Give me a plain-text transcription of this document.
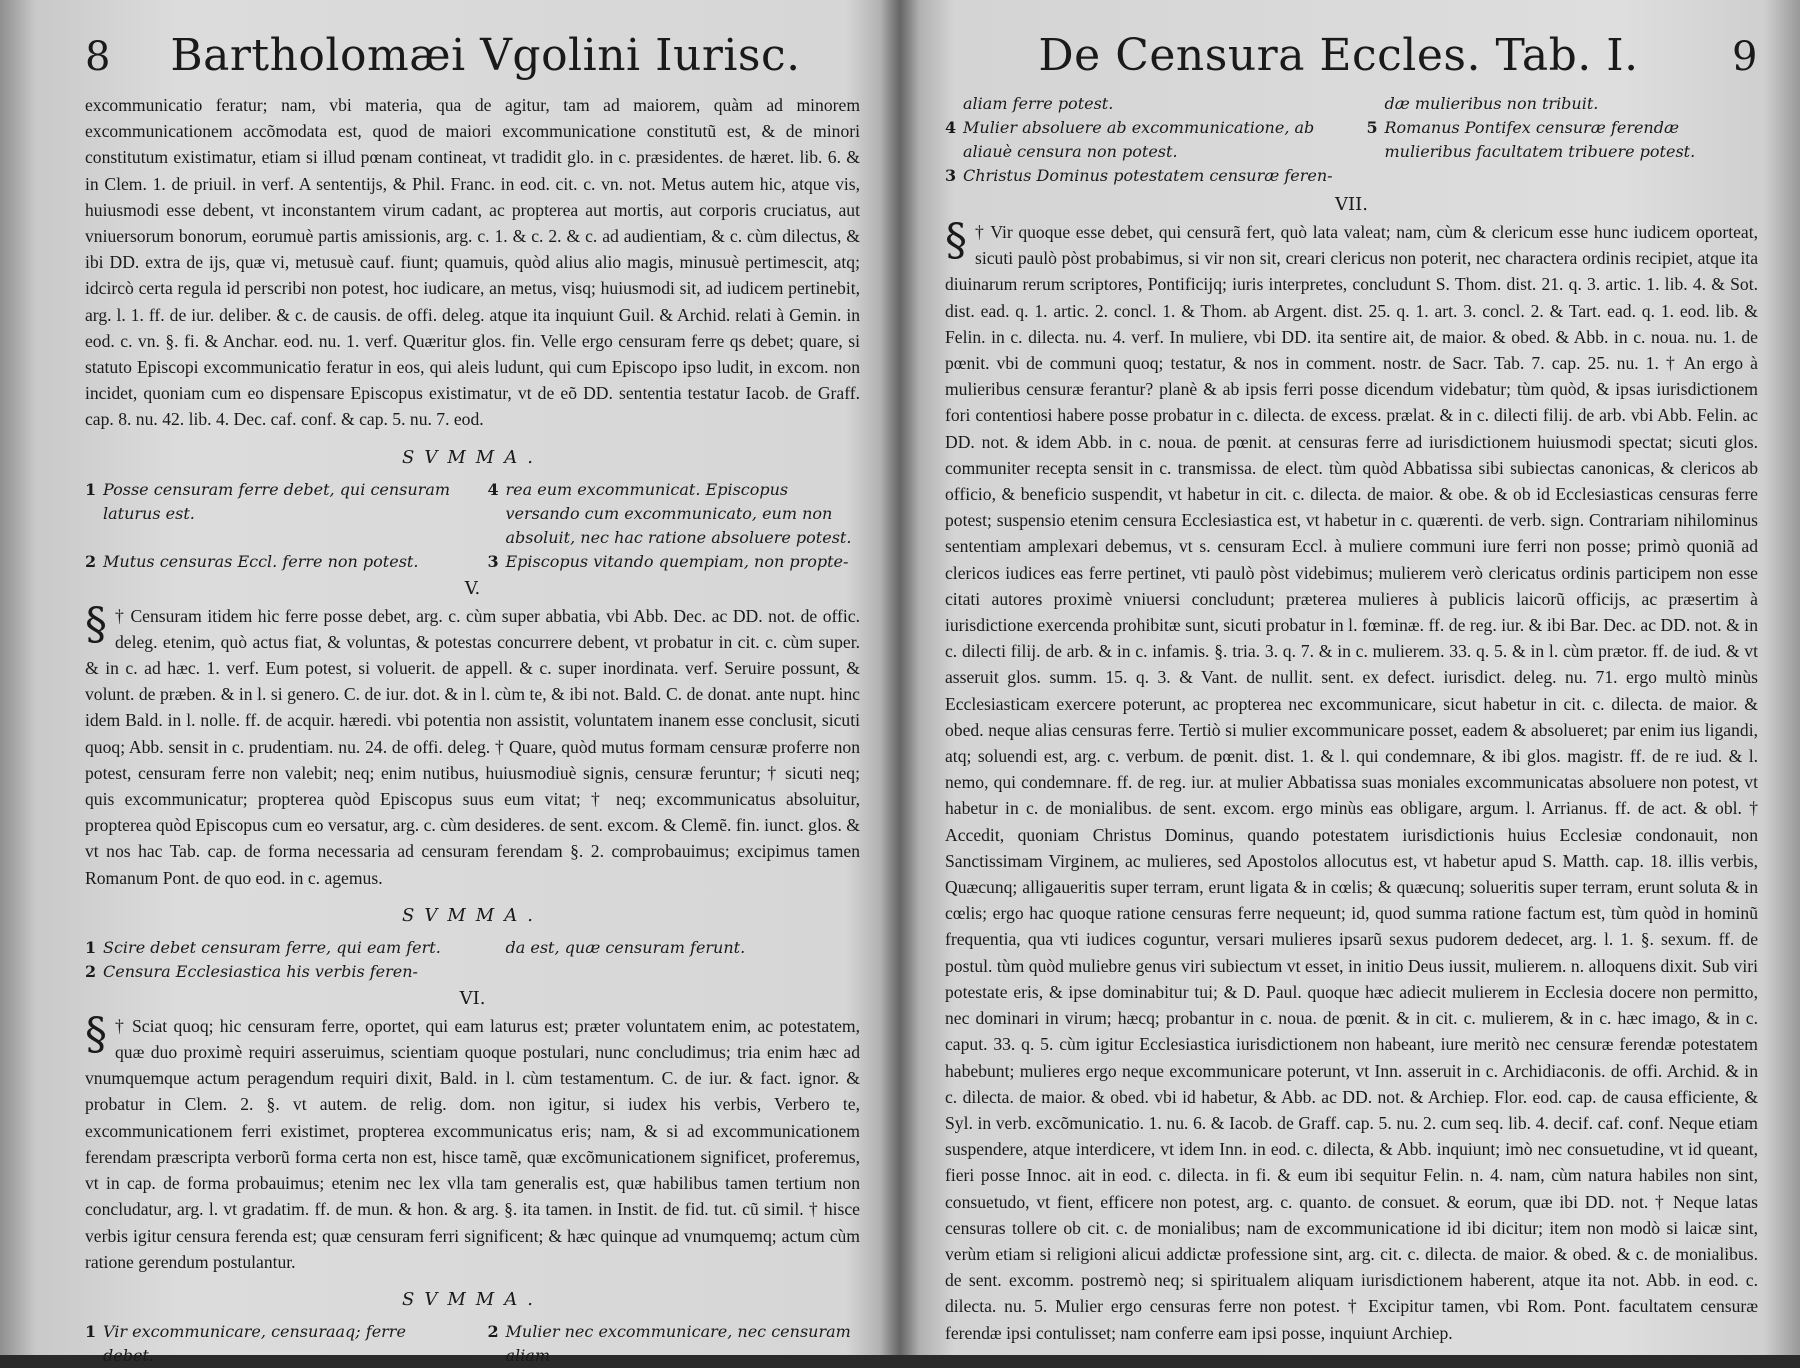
8 Bartholomæi Vgolini Iurisc.

excommunicatio feratur; nam, vbi materia, qua de agitur, tam ad maiorem, quàm ad minorem excommunicationem accõmodata est, quod de maiori excommunicatione constitutũ est, & de minori constitutum existimatur, etiam si illud pœnam contineat, vt tradidit glo. in c. præsidentes. de hæret. lib. 6. & in Clem. 1. de priuil. in verf. A sententijs, & Phil. Franc. in eod. cit. c. vn. not. Metus autem hic, atque vis, huiusmodi esse debent, vt inconstantem virum cadant, ac propterea aut mortis, aut corporis cruciatus, aut vniuersorum bonorum, eorumuè partis amissionis, arg. c. 1. & c. 2. & c. ad audientiam, & c. cùm dilectus, & ibi DD. extra de ijs, quæ vi, metusuè cauf. fiunt; quamuis, quòd alius alio magis, minusuè pertimescit, atq; idcircò certa regula id perscribi non potest, hoc iudicare, an metus, visq; huiusmodi sit, ad iudicem pertinebit, arg. l. 1. ff. de iur. deliber. & c. de causis. de offi. deleg. atque ita inquiunt Guil. & Archid. relati à Gemin. in eod. c. vn. §. fi. & Anchar. eod. nu. 1. verf. Quæritur glos. fin. Velle ergo censuram ferre qs debet; quare, si statuto Episcopi excommunicatio feratur in eos, qui aleis ludunt, qui cum Episcopo ipso ludit, in excom. non incidet, quoniam cum eo dispensare Episcopus existimatur, vt de eõ DD. sententia testatur Iacob. de Graff. cap. 8. nu. 42. lib. 4. Dec. caf. conf. & cap. 5. nu. 7. eod.

SVMMA.
1 Posse censuram ferre debet, qui censuram laturus est.
4 rea eum excommunicat. Episcopus versando cum excommunicato, eum non absoluit, nec hac ratione absoluere potest.
2 Mutus censuras Eccl. ferre non potest.	3 Episcopus vitando quempiam, non propte-
V.
§ † Censuram itidem hic ferre posse debet, arg. c. cùm super abbatia, vbi Abb. Dec. ac DD. not. de offic. deleg. etenim, quò actus fiat, & voluntas, & potestas concurrere debent, vt probatur in cit. c. cùm super. & in c. ad hæc. 1. verf. Eum potest, si voluerit. de appell. & c. super inordinata. verf. Seruire possunt, & volunt. de præben. & in l. si genero. C. de iur. dot. & in l. cùm te, & ibi not. Bald. C. de donat. ante nupt. hinc idem Bald. in l. nolle. ff. de acquir. hæredi. vbi potentia non assistit, voluntatem inanem esse conclusit, sicuti quoq; Abb. sensit in c. prudentiam. nu. 24. de offi. deleg. † Quare, quòd mutus formam censuræ proferre non potest, censuram ferre non valebit; neq; enim nutibus, huiusmodiuè signis, censuræ feruntur; † sicuti neq; quis excommunicatur; propterea quòd Episcopus suus eum vitat; † neq; excommunicatus absoluitur, propterea quòd Episcopus cum eo versatur, arg. c. cùm desideres. de sent. excom. & Clemẽ. fin. iunct. glos. & vt nos hac Tab. cap. de forma necessaria ad censuram ferendam §. 2. comprobauimus; excipimus tamen Romanum Pont. de quo eod. in c. agemus.

SVMMA.
1 Scire debet censuram ferre, qui eam fert.	da est, quæ censuram ferunt.
2 Censura Ecclesiastica his verbis feren-
VI.
§ † Sciat quoq; hic censuram ferre, oportet, qui eam laturus est; præter voluntatem enim, ac potestatem, quæ duo proximè requiri asseruimus, scientiam quoque postulari, nunc concludimus; tria enim hæc ad vnumquemque actum peragendum requiri dixit, Bald. in l. cùm testamentum. C. de iur. & fact. ignor. & probatur in Clem. 2. §. vt autem. de relig. dom. non igitur, si iudex his verbis, Verbero te, excommunicationem ferri existimet, propterea excommunicatus eris; nam, & si ad excommunicationem ferendam præscripta verborũ forma certa non est, hisce tamẽ, quæ excõmunicationem significet, proferemus, vt in cap. de forma probauimus; etenim nec lex vlla tam generalis est, quæ habilibus tamen tertium non concludatur, arg. l. vt gradatim. ff. de mun. & hon. & arg. §. ita tamen. in Instit. de fid. tut. cũ simil. † hisce verbis igitur censura ferenda est; quæ censuram ferri significent; & hæc quinque ad vnumquemq; actum cùm ratione gerendum postulantur.

SVMMA.
1 Vir excommunicare, censuraaq; ferre debet.
2 Mulier nec excommunicare, nec censuram aliam
De Censura Eccles. Tab. I. 9
aliam ferre potest.	dæ mulieribus non tribuit.
4 Mulier absoluere ab excommunicatione, ab aliauè censura non potest.
5 Romanus Pontifex censuræ ferendæ mulieribus facultatem tribuere potest.
3 Christus Dominus potestatem censuræ feren-
VII.
§ † Vir quoque esse debet, qui censurã fert, quò lata valeat; nam, cùm & clericum esse hunc iudicem oporteat, sicuti paulò pòst probabimus, si vir non sit, creari clericus non poterit, nec charactera ordinis recipiet, atque ita diuinarum rerum scriptores, Pontificijq; iuris interpretes, concludunt S. Thom. dist. 21. q. 3. artic. 1. lib. 4. & Sot. dist. ead. q. 1. artic. 2. concl. 1. & Thom. ab Argent. dist. 25. q. 1. art. 3. concl. 2. & Tart. ead. q. 1. eod. lib. & Felin. in c. dilecta. nu. 4. verf. In muliere, vbi DD. ita sentire ait, de maior. & obed. & Abb. in c. noua. nu. 1. de pœnit. vbi de communi quoq; testatur, & nos in comment. nostr. de Sacr. Tab. 7. cap. 25. nu. 1. † An ergo à mulieribus censuræ ferantur? planè & ab ipsis ferri posse dicendum videbatur; tùm quòd, & ipsas iurisdictionem fori contentiosi habere posse probatur in c. dilecta. de excess. prælat. & in c. dilecti filij. de arb. vbi Abb. Felin. ac DD. not. & idem Abb. in c. noua. de pœnit. at censuras ferre ad iurisdictionem huiusmodi spectat; sicuti glos. communiter recepta sensit in c. transmissa. de elect. tùm quòd Abbatissa sibi subiectas canonicas, & clericos ab officio, & beneficio suspendit, vt habetur in cit. c. dilecta. de maior. & obe. & ob id Ecclesiasticas censuras ferre potest; suspensio etenim censura Ecclesiastica est, vt habetur in c. quærenti. de verb. sign. Contrariam nihilominus sententiam amplexari debemus, vt s. censuram Eccl. à muliere communi iure ferri non posse; primò quoniã ad clericos iudices eas ferre pertinet, vti paulò pòst videbimus; mulierem verò clericatus ordinis participem non esse citati autores proximè vniuersi concludunt; præterea mulieres à publicis laicorũ officijs, ac præsertim à iurisdictione exercenda prohibitæ sunt, sicuti probatur in l. fœminæ. ff. de reg. iur. & ibi Bar. Dec. ac DD. not. & in c. dilecti filij. de arb. & in c. infamis. §. tria. 3. q. 7. & in c. mulierem. 33. q. 5. & in l. cùm prætor. ff. de iud. & vt asseruit glos. summ. 15. q. 3. & Vant. de nullit. sent. ex defect. iurisdict. deleg. nu. 71. ergo multò minùs Ecclesiasticam exercere poterunt, ac propterea nec excommunicare, sicut habetur in cit. c. dilecta. de maior. & obed. neque alias censuras ferre. Tertiò si mulier excommunicare posset, eadem & absolueret; par enim ius ligandi, atq; soluendi est, arg. c. verbum. de pœnit. dist. 1. & l. qui condemnare, & ibi glos. magistr. ff. de re iud. & l. nemo, qui condemnare. ff. de reg. iur. at mulier Abbatissa suas moniales excommunicatas absoluere non potest, vt habetur in c. de monialibus. de sent. excom. ergo minùs eas obligare, argum. l. Arrianus. ff. de act. & obl. † Accedit, quoniam Christus Dominus, quando potestatem iurisdictionis huius Ecclesiæ condonauit, non Sanctissimam Virginem, ac mulieres, sed Apostolos allocutus est, vt habetur apud S. Matth. cap. 18. illis verbis, Quæcunq; alligaueritis super terram, erunt ligata & in cœlis; & quæcunq; solueritis super terram, erunt soluta & in cœlis; ergo hac quoque ratione censuras ferre nequeunt; id, quod summa ratione factum est, tùm quòd in hominũ frequentia, qua vti iudices coguntur, versari mulieres ipsarũ sexus pudorem dedecet, arg. l. 1. §. sexum. ff. de postul. tùm quòd muliebre genus viri subiectum vt esset, in initio Deus iussit, mulierem. n. alloquens dixit. Sub viri potestate eris, & ipse dominabitur tui; & D. Paul. quoque hæc adiecit mulierem in Ecclesia docere non permitto, nec dominari in virum; hæcq; probantur in c. noua. de pœnit. & in cit. c. mulierem, & in c. hæc imago, & in c. caput. 33. q. 5. cùm igitur Ecclesiastica iurisdictionem non habeant, iure meritò nec censuræ ferendæ potestatem habebunt; mulieres ergo neque excommunicare poterunt, vt Inn. asseruit in c. Archidiaconis. de offi. Archid. & in c. dilecta. de maior. & obed. vbi id habetur, & Abb. ac DD. not. & Archiep. Flor. eod. cap. de causa efficiente, & Syl. in verb. excõmunicatio. 1. nu. 6. & Iacob. de Graff. cap. 5. nu. 2. cum seq. lib. 4. decif. caf. conf. Neque etiam suspendere, atque interdicere, vt idem Inn. in eod. c. dilecta, & Abb. inquiunt; imò nec consuetudine, vt id queant, fieri posse Innoc. ait in eod. c. dilecta. in fi. & eum ibi sequitur Felin. n. 4. nam, cùm natura habiles non sint, consuetudo, vt fient, efficere non potest, arg. c. quanto. de consuet. & eorum, quæ ibi DD. not. † Neque latas censuras tollere ob cit. c. de monialibus; nam de excommunicatione id ibi dicitur; item non modò si laicæ sint, verùm etiam si religioni alicui addictæ professione sint, arg. cit. c. dilecta. de maior. & obed. & c. de monialibus. de sent. excomm. postremò neq; si spiritualem aliquam iurisdictionem haberent, atque ita not. Abb. in eod. c. dilecta. nu. 5. Mulier ergo censuras ferre non potest. † Excipitur tamen, vbi Rom. Pont. facultatem censuræ ferendæ ipsi contulisset; nam conferre eam ipsi posse, inquiunt Archiep.
